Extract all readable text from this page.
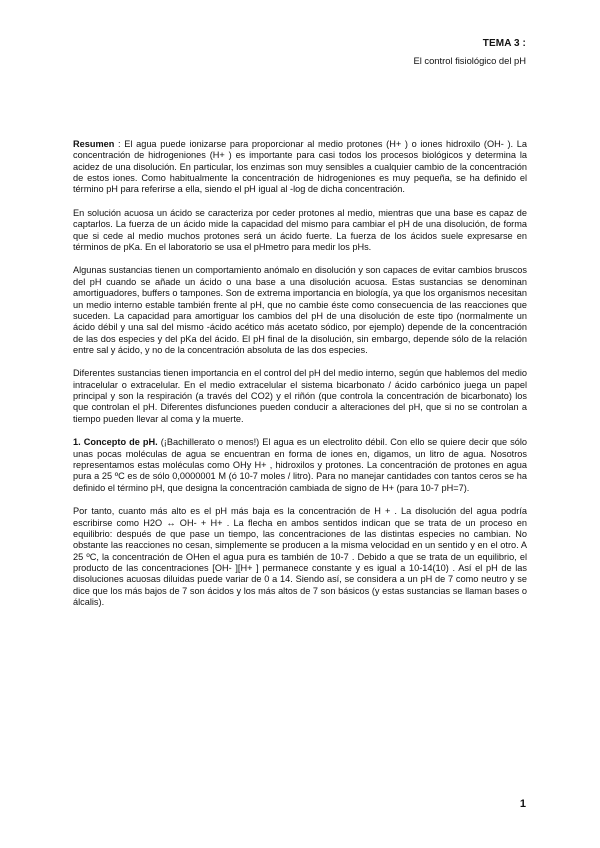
TEMA 3 :
El control fisiológico del pH

Resumen : El agua puede ionizarse para proporcionar al medio protones (H+ ) o iones hidroxilo (OH- ). La concentración de hidrogeniones (H+ ) es importante para casi todos los procesos biológicos y determina la acidez de una disolución. En particular, los enzimas son muy sensibles a cualquier cambio de la concentración de estos iones. Como habitualmente la concentración de hidrogeniones es muy pequeña, se ha definido el término pH para referirse a ella, siendo el pH igual al -log de dicha concentración.

En solución acuosa un ácido se caracteriza por ceder protones al medio, mientras que una base es capaz de captarlos. La fuerza de un ácido mide la capacidad del mismo para cambiar el pH de una disolución, de forma que si cede al medio muchos protones será un ácido fuerte. La fuerza de los ácidos suele expresarse en términos de pKa. En el laboratorio se usa el pHmetro para medir los pHs.

Algunas sustancias tienen un comportamiento anómalo en disolución y son capaces de evitar cambios bruscos del pH cuando se añade un ácido o una base a una disolución acuosa. Estas sustancias se denominan amortiguadores, buffers o tampones. Son de extrema importancia en biología, ya que los organismos necesitan un medio interno estable también frente al pH, que no cambie éste como consecuencia de las reacciones que suceden. La capacidad para amortiguar los cambios del pH de una disolución de este tipo (normalmente un ácido débil y una sal del mismo -ácido acético más acetato sódico, por ejemplo) depende de la concentración de las dos especies y del pKa del ácido. El pH final de la disolución, sin embargo, depende sólo de la relación entre sal y ácido, y no de la concentración absoluta de las dos especies.

Diferentes sustancias tienen importancia en el control del pH del medio interno, según que hablemos del medio intracelular o extracelular. En el medio extracelular el sistema bicarbonato / ácido carbónico juega un papel principal y son la respiración (a través del CO2) y el riñón (que controla la concentración de bicarbonato) los que controlan el pH. Diferentes disfunciones pueden conducir a alteraciones del pH, que si no se controlan a tiempo pueden llevar al coma y la muerte.

1. Concepto de pH. (¡Bachillerato o menos!) El agua es un electrolito débil. Con ello se quiere decir que sólo unas pocas moléculas de agua se encuentran en forma de iones en, digamos, un litro de agua. Nosotros representamos estas moléculas como OHy H+ , hidroxilos y protones. La concentración de protones en agua pura a 25 ºC es de sólo 0,0000001 M (ó 10-7 moles / litro). Para no manejar cantidades con tantos ceros se ha definido el término pH, que designa la concentración cambiada de signo de H+ (para 10-7 pH=7).

Por tanto, cuanto más alto es el pH más baja es la concentración de H + . La disolución del agua podría escribirse como H2O ↔ OH- + H+ . La flecha en ambos sentidos indican que se trata de un proceso en equilibrio: después de que pase un tiempo, las concentraciones de las distintas especies no cambian. No obstante las reacciones no cesan, simplemente se producen a la misma velocidad en un sentido y en el otro. A 25 ºC, la concentración de OHen el agua pura es también de 10-7 . Debido a que se trata de un equilibrio, el producto de las concentraciones [OH- ][H+ ] permanece constante y es igual a 10-14(10) . Así el pH de las disoluciones acuosas diluidas puede variar de 0 a 14. Siendo así, se considera a un pH de 7 como neutro y se dice que los más bajos de 7 son ácidos y los más altos de 7 son básicos (y estas sustancias se llaman bases o álcalis).

1
